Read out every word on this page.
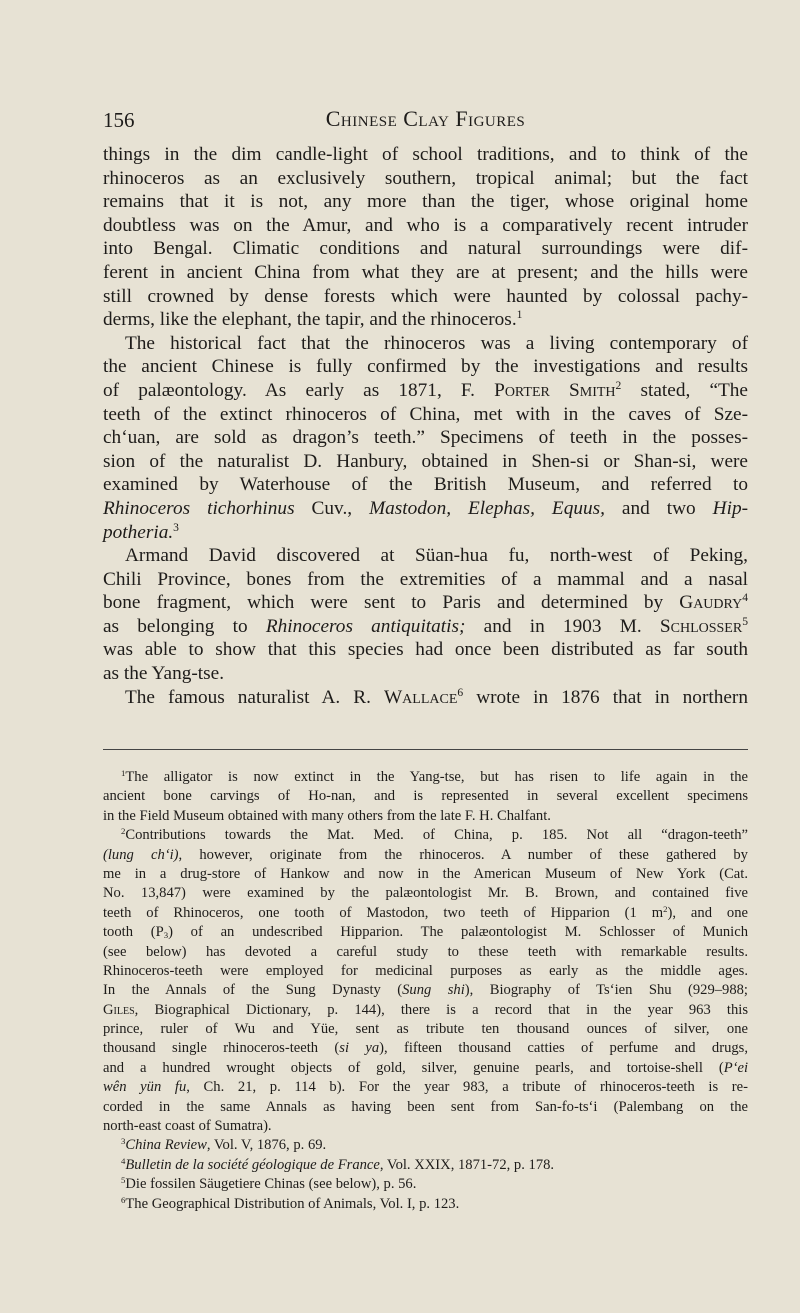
156	Chinese Clay Figures
things in the dim candle-light of school traditions, and to think of the
rhinoceros as an exclusively southern, tropical animal; but the fact
remains that it is not, any more than the tiger, whose original home
doubtless was on the Amur, and who is a comparatively recent intruder
into Bengal. Climatic conditions and natural surroundings were dif-
ferent in ancient China from what they are at present; and the hills were
still crowned by dense forests which were haunted by colossal pachy-
derms, like the elephant, the tapir, and the rhinoceros.$^1$
The historical fact that the rhinoceros was a living contemporary of
the ancient Chinese is fully confirmed by the investigations and results
of palæontology. As early as 1871, F. Porter Smith$^2$ stated, “The
teeth of the extinct rhinoceros of China, met with in the caves of Sze-
ch‘uan, are sold as dragon’s teeth.” Specimens of teeth in the posses-
sion of the naturalist D. Hanbury, obtained in Shen-si or Shan-si, were
examined by Waterhouse of the British Museum, and referred to
Rhinoceros tichorhinus Cuv., Mastodon, Elephas, Equus, and two Hip-
potheria.$^3$
Armand David discovered at Süan-hua fu, north-west of Peking,
Chili Province, bones from the extremities of a mammal and a nasal
bone fragment, which were sent to Paris and determined by Gaudry$^4$
as belonging to Rhinoceros antiquitatis; and in 1903 M. Schlosser$^5$
was able to show that this species had once been distributed as far south
as the Yang-tse.
The famous naturalist A. R. Wallace$^6$ wrote in 1876 that in northern
$^1$The alligator is now extinct in the Yang-tse, but has risen to life again in the
ancient bone carvings of Ho-nan, and is represented in several excellent specimens
in the Field Museum obtained with many others from the late F. H. Chalfant.
$^2$Contributions towards the Mat. Med. of China, p. 185. Not all “dragon-teeth”
(lung ch‘i), however, originate from the rhinoceros. A number of these gathered by
me in a drug-store of Hankow and now in the American Museum of New York (Cat.
No. 13,847) were examined by the palæontologist Mr. B. Brown, and contained five
teeth of Rhinoceros, one tooth of Mastodon, two teeth of Hipparion (1 $m^2$), and one
tooth $(P_3)$ of an undescribed Hipparion. The palæontologist M. Schlosser of Munich
(see below) has devoted a careful study to these teeth with remarkable results.
Rhinoceros-teeth were employed for medicinal purposes as early as the middle ages.
In the Annals of the Sung Dynasty (Sung shi), Biography of Ts‘ien Shu (929–988;
Giles, Biographical Dictionary, p. 144), there is a record that in the year 963 this
prince, ruler of Wu and Yüe, sent as tribute ten thousand ounces of silver, one
thousand single rhinoceros-teeth (si ya), fifteen thousand catties of perfume and drugs,
and a hundred wrought objects of gold, silver, genuine pearls, and tortoise-shell (P‘ei
wên yün fu, Ch. 21, p. 114 b). For the year 983, a tribute of rhinoceros-teeth is re-
corded in the same Annals as having been sent from San-fo-ts‘i (Palembang on the
north-east coast of Sumatra).
$^3$China Review, Vol. V, 1876, p. 69.
$^4$Bulletin de la société géologique de France, Vol. XXIX, 1871-72, p. 178.
$^5$Die fossilen Säugetiere Chinas (see below), p. 56.
$^6$The Geographical Distribution of Animals, Vol. I, p. 123.
